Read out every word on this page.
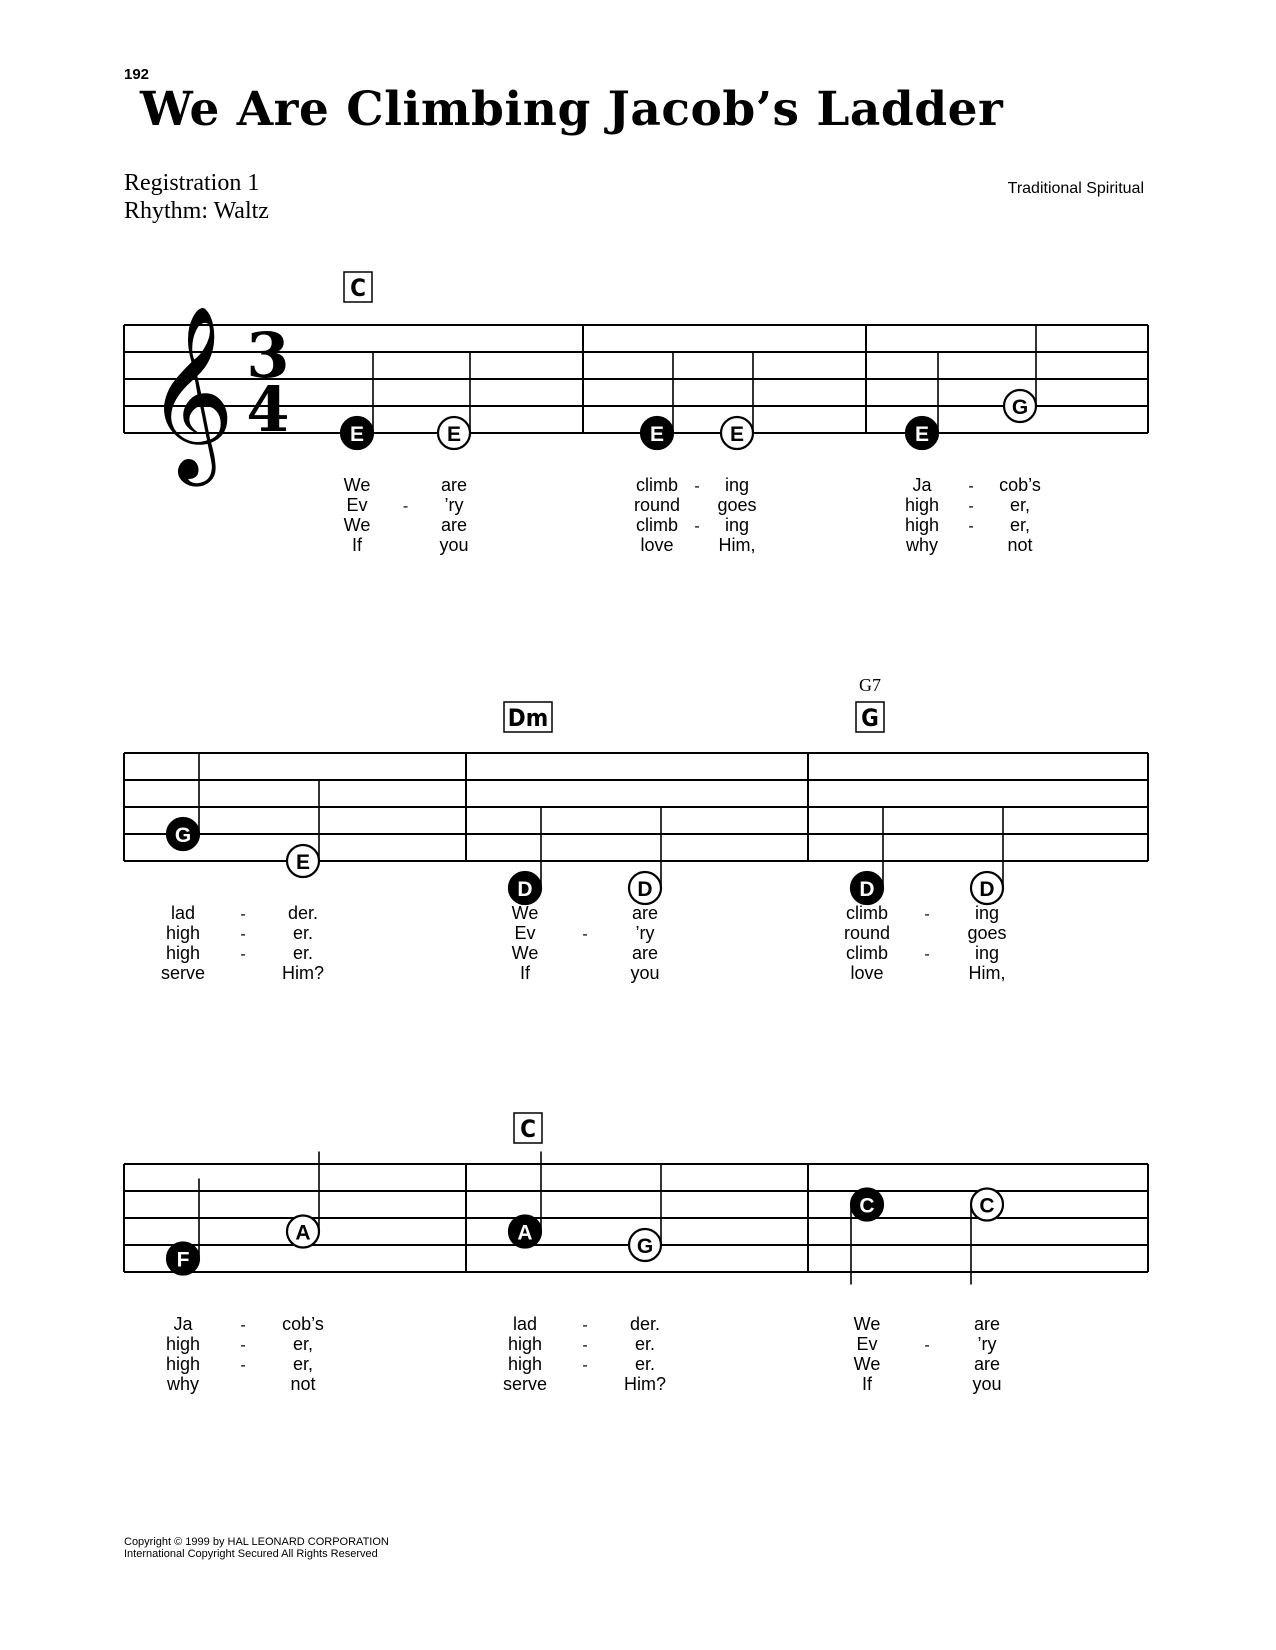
192
We Are Climbing Jacob’s Ladder
Registration 1
Rhythm: Waltz
Traditional Spiritual
𝄞 3
4
C
E
We
Ev -
We
If
E
are
’ry
are
you
E
climb -
round
climb -
love
E
ing
goes
ing
Him,
E
Ja -
high -
high -
why
G
cob’s
er,
er,
not
Dm	G
G7
G
lad	-
high	-
high	-
serve
E
der.
er.
er.
Him?
D
We
Ev	-
We
If
D
are
’ry
are
you
D
climb -
round
climb -
love
D
ing
goes
ing
Him,
C
F
Ja	-
high	-
high	-
why
A
cob’s
er,
er,
not
A
lad	-
high	-
high	-
serve
G
der.
er.
er.
Him?
C
We
Ev	-
We
If
C
are
’ry
are
you
Copyright © 1999 by HAL LEONARD CORPORATION
International Copyright Secured All Rights Reserved
